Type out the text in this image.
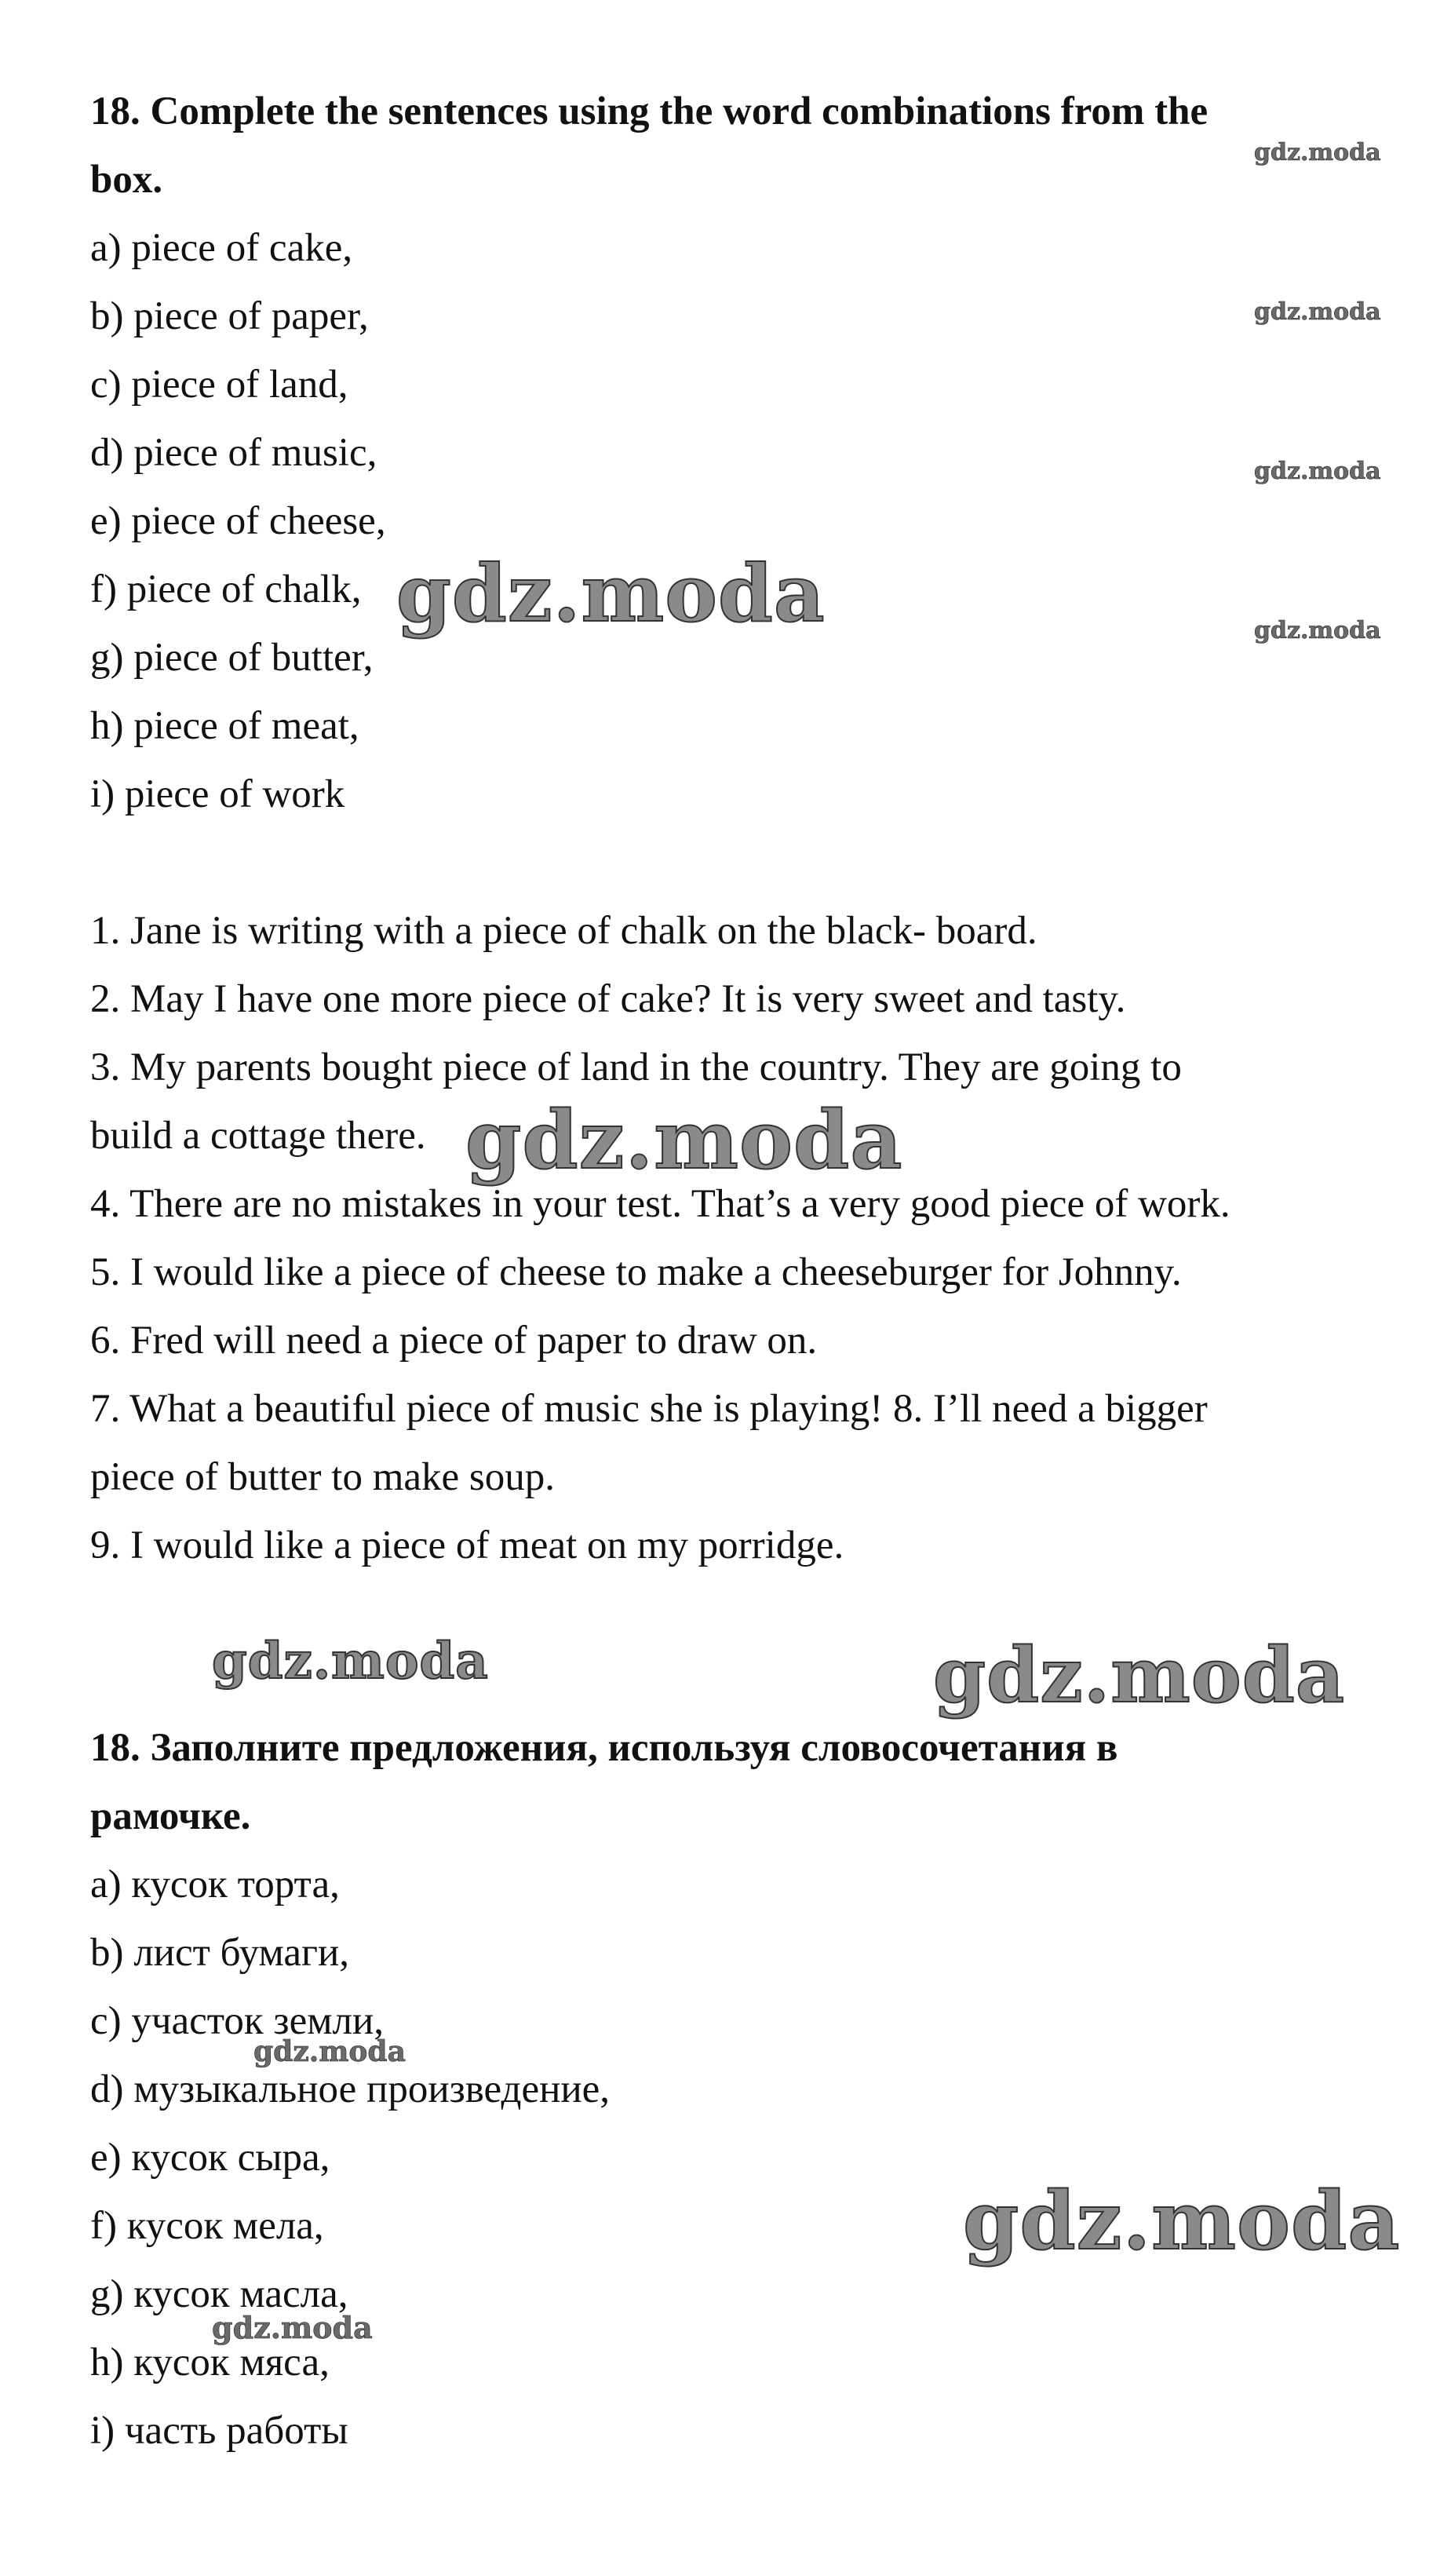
18. Complete the sentences using the word combinations from the

box.

a) piece of cake,

b) piece of paper,

c) piece of land,

d) piece of music,

e) piece of cheese,

f) piece of chalk,

g) piece of butter,

h) piece of meat,

i) piece of work

1. Jane is writing with a piece of chalk on the black- board.

2. May I have one more piece of cake? It is very sweet and tasty.

3. My parents bought piece of land in the country. They are going to

build a cottage there.

4. There are no mistakes in your test. That’s a very good piece of work.

5. I would like a piece of cheese to make a cheeseburger for Johnny.

6. Fred will need a piece of paper to draw on.

7. What a beautiful piece of music she is playing! 8. I’ll need a bigger

piece of butter to make soup.

9. I would like a piece of meat on my porridge.

18. Заполните предложения, используя словосочетания в

рамочке.

a) кусок торта,

b) лист бумаги,

c) участок земли,

d) музыкальное произведение,

e) кусок сыра,

f) кусок мела,

g) кусок масла,

h) кусок мяса,

i) часть работы

gdz.moda
gdz.moda
gdz.moda
gdz.moda
gdz.moda
gdz.moda
gdz.moda	gdz.moda
gdz.moda
gdz.moda
gdz.moda
